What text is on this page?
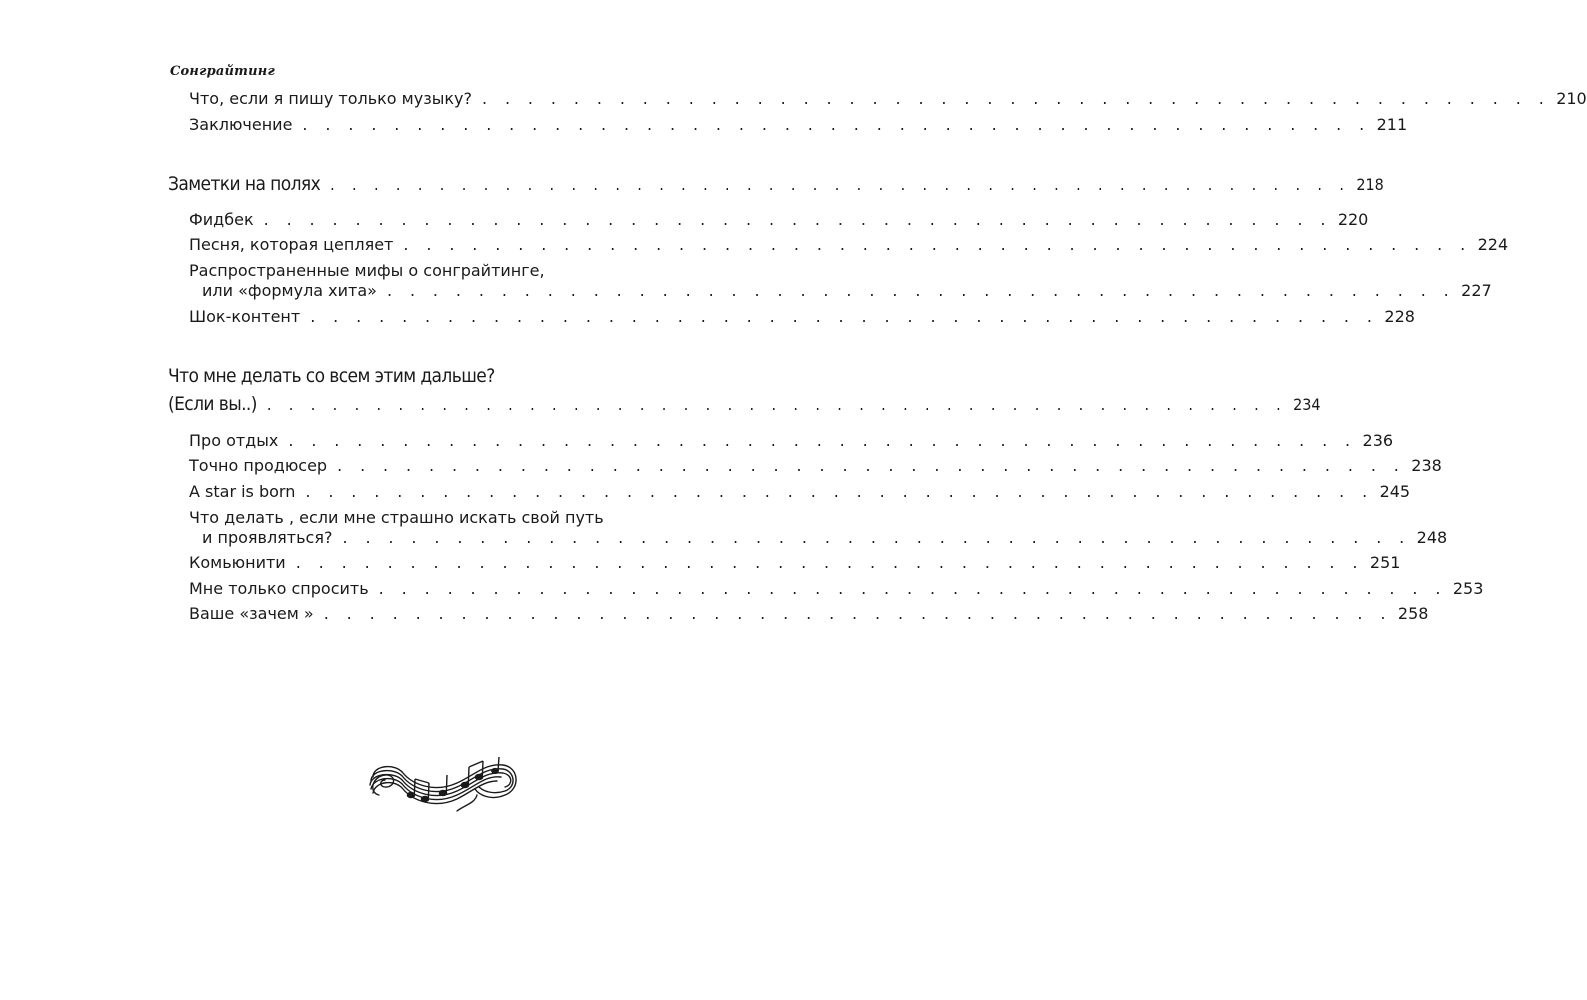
Сонграйтинг
Что, если я пишу только музыку? . . . . . . . . . . . . . . . . . . . . . . . . . . . . . . . . . . . . . . . . . . . . . . . 210
Заключение . . . . . . . . . . . . . . . . . . . . . . . . . . . . . . . . . . . . . . . . . . . . . . . 211
Заметки на полях . . . . . . . . . . . . . . . . . . . . . . . . . . . . . . . . . . . . . . . . . . . . . . . 218
Фидбек . . . . . . . . . . . . . . . . . . . . . . . . . . . . . . . . . . . . . . . . . . . . . . . 220
Песня, которая цепляет . . . . . . . . . . . . . . . . . . . . . . . . . . . . . . . . . . . . . . . . . . . . . . . 224
Распространенные мифы о сонграйтинге,
или «формула хита» . . . . . . . . . . . . . . . . . . . . . . . . . . . . . . . . . . . . . . . . . . . . . . . 227
Шок-контент . . . . . . . . . . . . . . . . . . . . . . . . . . . . . . . . . . . . . . . . . . . . . . . 228
Что мне делать со всем этим дальше?
(Если вы..) . . . . . . . . . . . . . . . . . . . . . . . . . . . . . . . . . . . . . . . . . . . . . . . 234
Про отдых . . . . . . . . . . . . . . . . . . . . . . . . . . . . . . . . . . . . . . . . . . . . . . . 236
Точно продюсер . . . . . . . . . . . . . . . . . . . . . . . . . . . . . . . . . . . . . . . . . . . . . . . 238
A star is born . . . . . . . . . . . . . . . . . . . . . . . . . . . . . . . . . . . . . . . . . . . . . . . 245
Что делать , если мне страшно искать свой путь
и проявляться? . . . . . . . . . . . . . . . . . . . . . . . . . . . . . . . . . . . . . . . . . . . . . . . 248
Комьюнити . . . . . . . . . . . . . . . . . . . . . . . . . . . . . . . . . . . . . . . . . . . . . . . 251
Мне только спросить . . . . . . . . . . . . . . . . . . . . . . . . . . . . . . . . . . . . . . . . . . . . . . . 253
Ваше «зачем » . . . . . . . . . . . . . . . . . . . . . . . . . . . . . . . . . . . . . . . . . . . . . . . 258
